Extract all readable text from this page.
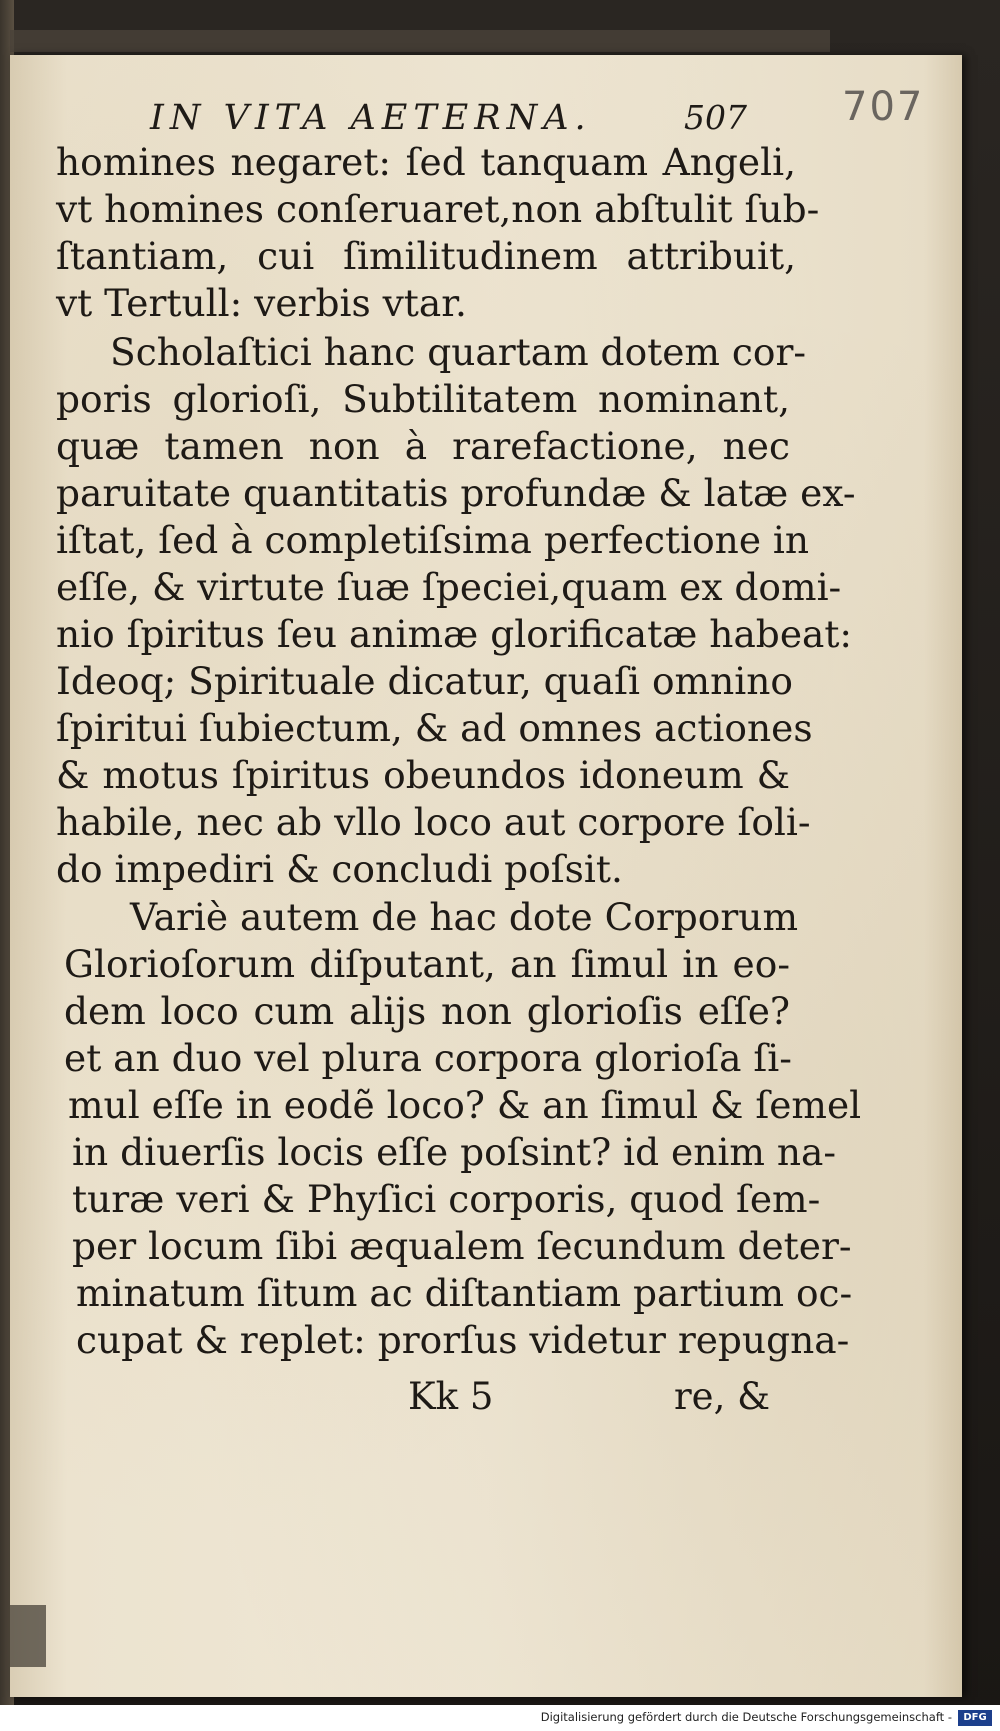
IN VITA AETERNA.	507 707
homines negaret: ſed tanquam Angeli,
vt homines conſeruaret,non abſtulit ſub-
ſtantiam, cui ſimilitudinem attribuit,
vt Tertull: verbis vtar.
Scholaſtici hanc quartam dotem cor-
poris glorioſi, Subtilitatem nominant,
quæ tamen non à rarefactione, nec
paruitate quantitatis profundæ & latæ ex-
iſtat, ſed à completiſsima perfectione in
eſſe, & virtute ſuæ ſpeciei,quam ex domi-
nio ſpiritus ſeu animæ glorificatæ habeat:
Ideoq; Spirituale dicatur, quaſi omnino
ſpiritui ſubiectum, & ad omnes actiones
& motus ſpiritus obeundos idoneum &
habile, nec ab vllo loco aut corpore ſoli-
do impediri & concludi poſsit.
Variè autem de hac dote Corporum
Glorioſorum diſputant, an ſimul in eo-
dem loco cum alijs non glorioſis eſſe?
et an duo vel plura corpora glorioſa ſi-
mul eſſe in eodẽ loco? & an ſimul & ſemel
in diuerſis locis eſſe poſsint? id enim na-
turæ veri & Phyſici corporis, quod ſem-
per locum ſibi æqualem ſecundum deter-
minatum ſitum ac diſtantiam partium oc-
cupat & replet: prorſus videtur repugna-
Kk 5	re, &
Digitalisierung gefördert durch die Deutsche Forschungsgemeinschaft -	DFG
